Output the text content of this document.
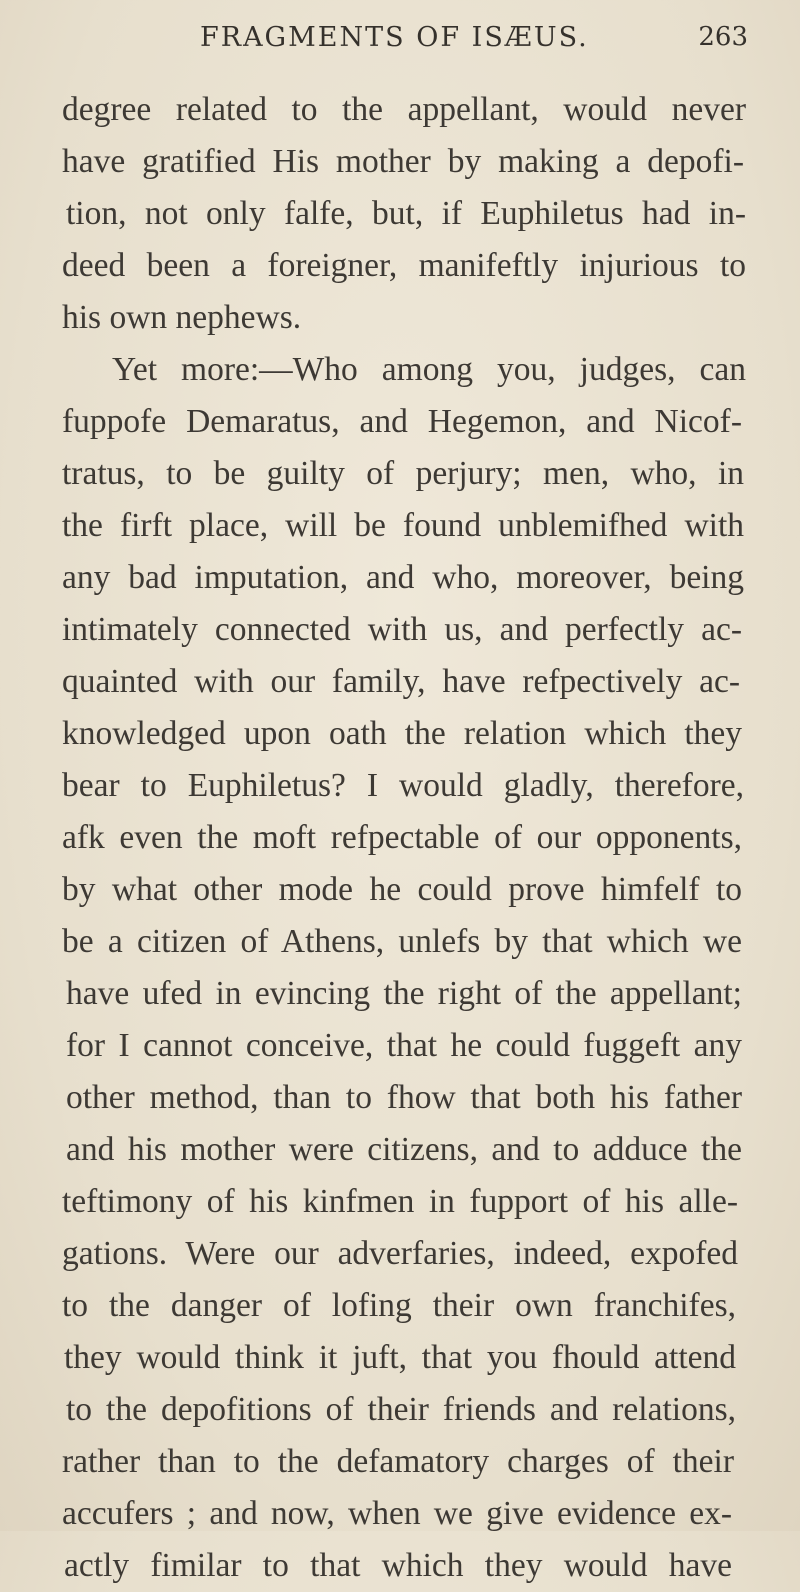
FRAGMENTS OF ISÆUS.	263
degree related to the appellant, would never
have gratified His mother by making a depofi-
tion, not only falfe, but, if Euphiletus had in-
deed been a foreigner, manifeftly injurious to
his own nephews.
Yet more:—Who among you, judges, can
fuppofe Demaratus, and Hegemon, and Nicof-
tratus, to be guilty of perjury; men, who, in
the firft place, will be found unblemifhed with
any bad imputation, and who, moreover, being
intimately connected with us, and perfectly ac-
quainted with our family, have refpectively ac-
knowledged upon oath the relation which they
bear to Euphiletus? I would gladly, therefore,
afk even the moft refpectable of our opponents,
by what other mode he could prove himfelf to
be a citizen of Athens, unlefs by that which we
have ufed in evincing the right of the appellant;
for I cannot conceive, that he could fuggeft any
other method, than to fhow that both his father
and his mother were citizens, and to adduce the
teftimony of his kinfmen in fupport of his alle-
gations. Were our adverfaries, indeed, expofed
to the danger of lofing their own franchifes,
they would think it juft, that you fhould attend
to the depofitions of their friends and relations,
rather than to the defamatory charges of their
accufers ; and now, when we give evidence ex-
actly fimilar to that which they would have
